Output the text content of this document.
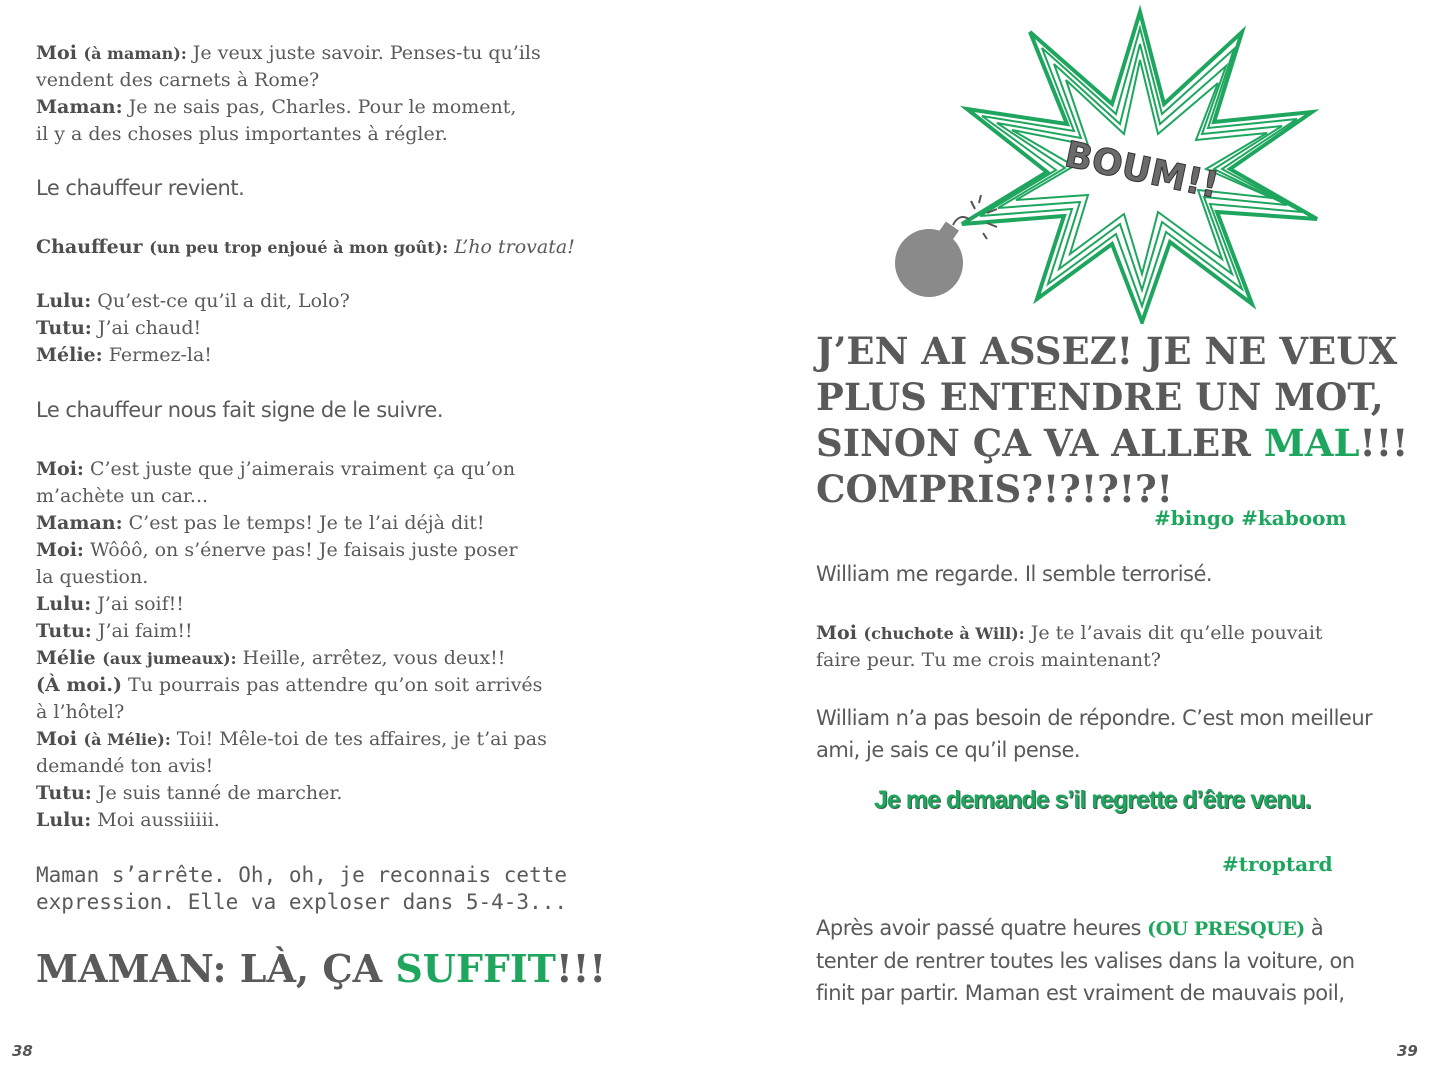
Moi (à maman): Je veux juste savoir. Penses-tu qu’ils
vendent des carnets à Rome?
Maman: Je ne sais pas, Charles. Pour le moment,
il y a des choses plus importantes à régler.
Le chauffeur revient.
Chauffeur (un peu trop enjoué à mon goût): L’ho trovata!
Lulu: Qu’est-ce qu’il a dit, Lolo?
Tutu: J’ai chaud!
Mélie: Fermez-la!
Le chauffeur nous fait signe de le suivre.
Moi: C’est juste que j’aimerais vraiment ça qu’on
m’achète un car...
Maman: C’est pas le temps! Je te l’ai déjà dit!
Moi: Wôôô, on s’énerve pas! Je faisais juste poser
la question.
Lulu: J’ai soif!!
Tutu: J’ai faim!!
Mélie (aux jumeaux): Heille, arrêtez, vous deux!!
(À moi.) Tu pourrais pas attendre qu’on soit arrivés
à l’hôtel?
Moi (à Mélie): Toi! Mêle-toi de tes affaires, je t’ai pas
demandé ton avis!
Tutu: Je suis tanné de marcher.
Lulu: Moi aussiiiii.
Maman s’arrête. Oh, oh, je reconnais cette
expression. Elle va exploser dans 5-4-3...
MAMAN: LÀ, ÇA SUFFIT!!!
38
BOUM!!
J’EN AI ASSEZ! JE NE VEUX
PLUS ENTENDRE UN MOT,
SINON ÇA VA ALLER MAL!!!
COMPRIS?!?!?!?!
#bingo #kaboom
William me regarde. Il semble terrorisé.
Moi (chuchote à Will): Je te l’avais dit qu’elle pouvait
faire peur. Tu me crois maintenant?
William n’a pas besoin de répondre. C’est mon meilleur
ami, je sais ce qu’il pense.
Je me demande s’il regrette d’être venu.
#troptard
Après avoir passé quatre heures (OU PRESQUE) à
tenter de rentrer toutes les valises dans la voiture, on
finit par partir. Maman est vraiment de mauvais poil,
39
